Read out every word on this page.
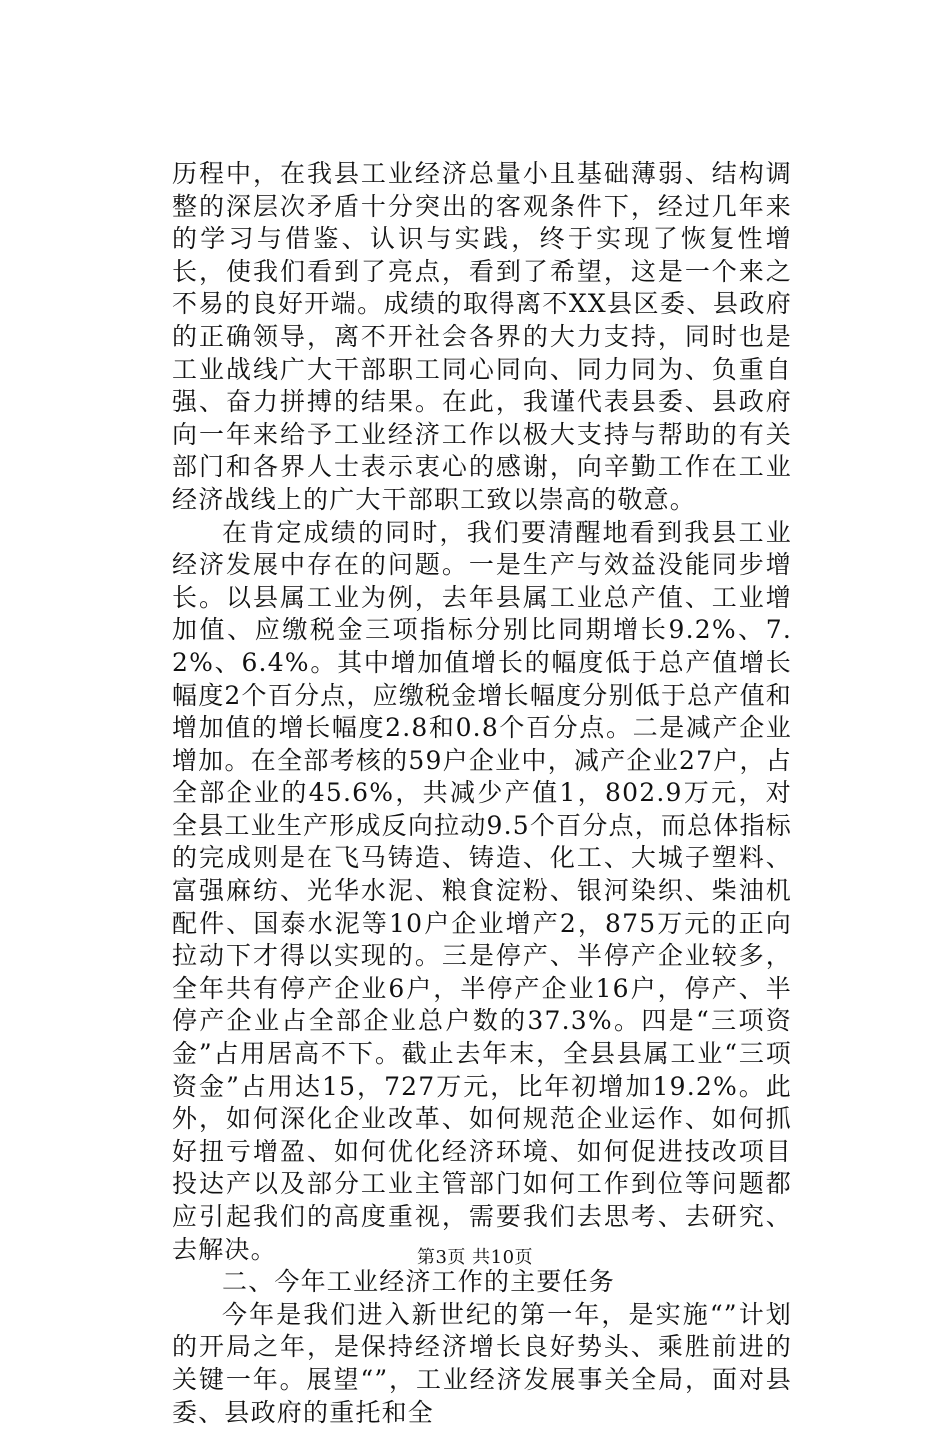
历程中，在我县工业经济总量小且基础薄弱、结构调整的深层次矛盾十分突出的客观条件下，经过几年来的学习与借鉴、认识与实践，终于实现了恢复性增长，使我们看到了亮点，看到了希望，这是一个来之不易的良好开端。成绩的取得离不XX县区委、县政府的正确领导，离不开社会各界的大力支持，同时也是工业战线广大干部职工同心同向、同力同为、负重自强、奋力拼搏的结果。在此，我谨代表县委、县政府向一年来给予工业经济工作以极大支持与帮助的有关部门和各界人士表示衷心的感谢，向辛勤工作在工业经济战线上的广大干部职工致以崇高的敬意。

在肯定成绩的同时，我们要清醒地看到我县工业经济发展中存在的问题。一是生产与效益没能同步增长。以县属工业为例，去年县属工业总产值、工业增加值、应缴税金三项指标分别比同期增长9.2%、7.2%、6.4%。其中增加值增长的幅度低于总产值增长幅度2个百分点，应缴税金增长幅度分别低于总产值和增加值的增长幅度2.8和0.8个百分点。二是减产企业增加。在全部考核的59户企业中，减产企业27户，占全部企业的45.6%，共减少产值1，802.9万元，对全县工业生产形成反向拉动9.5个百分点，而总体指标的完成则是在飞马铸造、铸造、化工、大城子塑料、富强麻纺、光华水泥、粮食淀粉、银河染织、柴油机配件、国泰水泥等10户企业增产2，875万元的正向拉动下才得以实现的。三是停产、半停产企业较多，全年共有停产企业6户，半停产企业16户，停产、半停产企业占全部企业总户数的37.3%。四是“三项资金”占用居高不下。截止去年末，全县县属工业“三项资金”占用达15，727万元，比年初增加19.2%。此外，如何深化企业改革、如何规范企业运作、如何抓好扭亏增盈、如何优化经济环境、如何促进技改项目投达产以及部分工业主管部门如何工作到位等问题都应引起我们的高度重视，需要我们去思考、去研究、去解决。

二、今年工业经济工作的主要任务

今年是我们进入新世纪的第一年，是实施“”计划的开局之年，是保持经济增长良好势头、乘胜前进的关键一年。展望“”，工业经济发展事关全局，面对县委、县政府的重托和全

第3页 共10页
